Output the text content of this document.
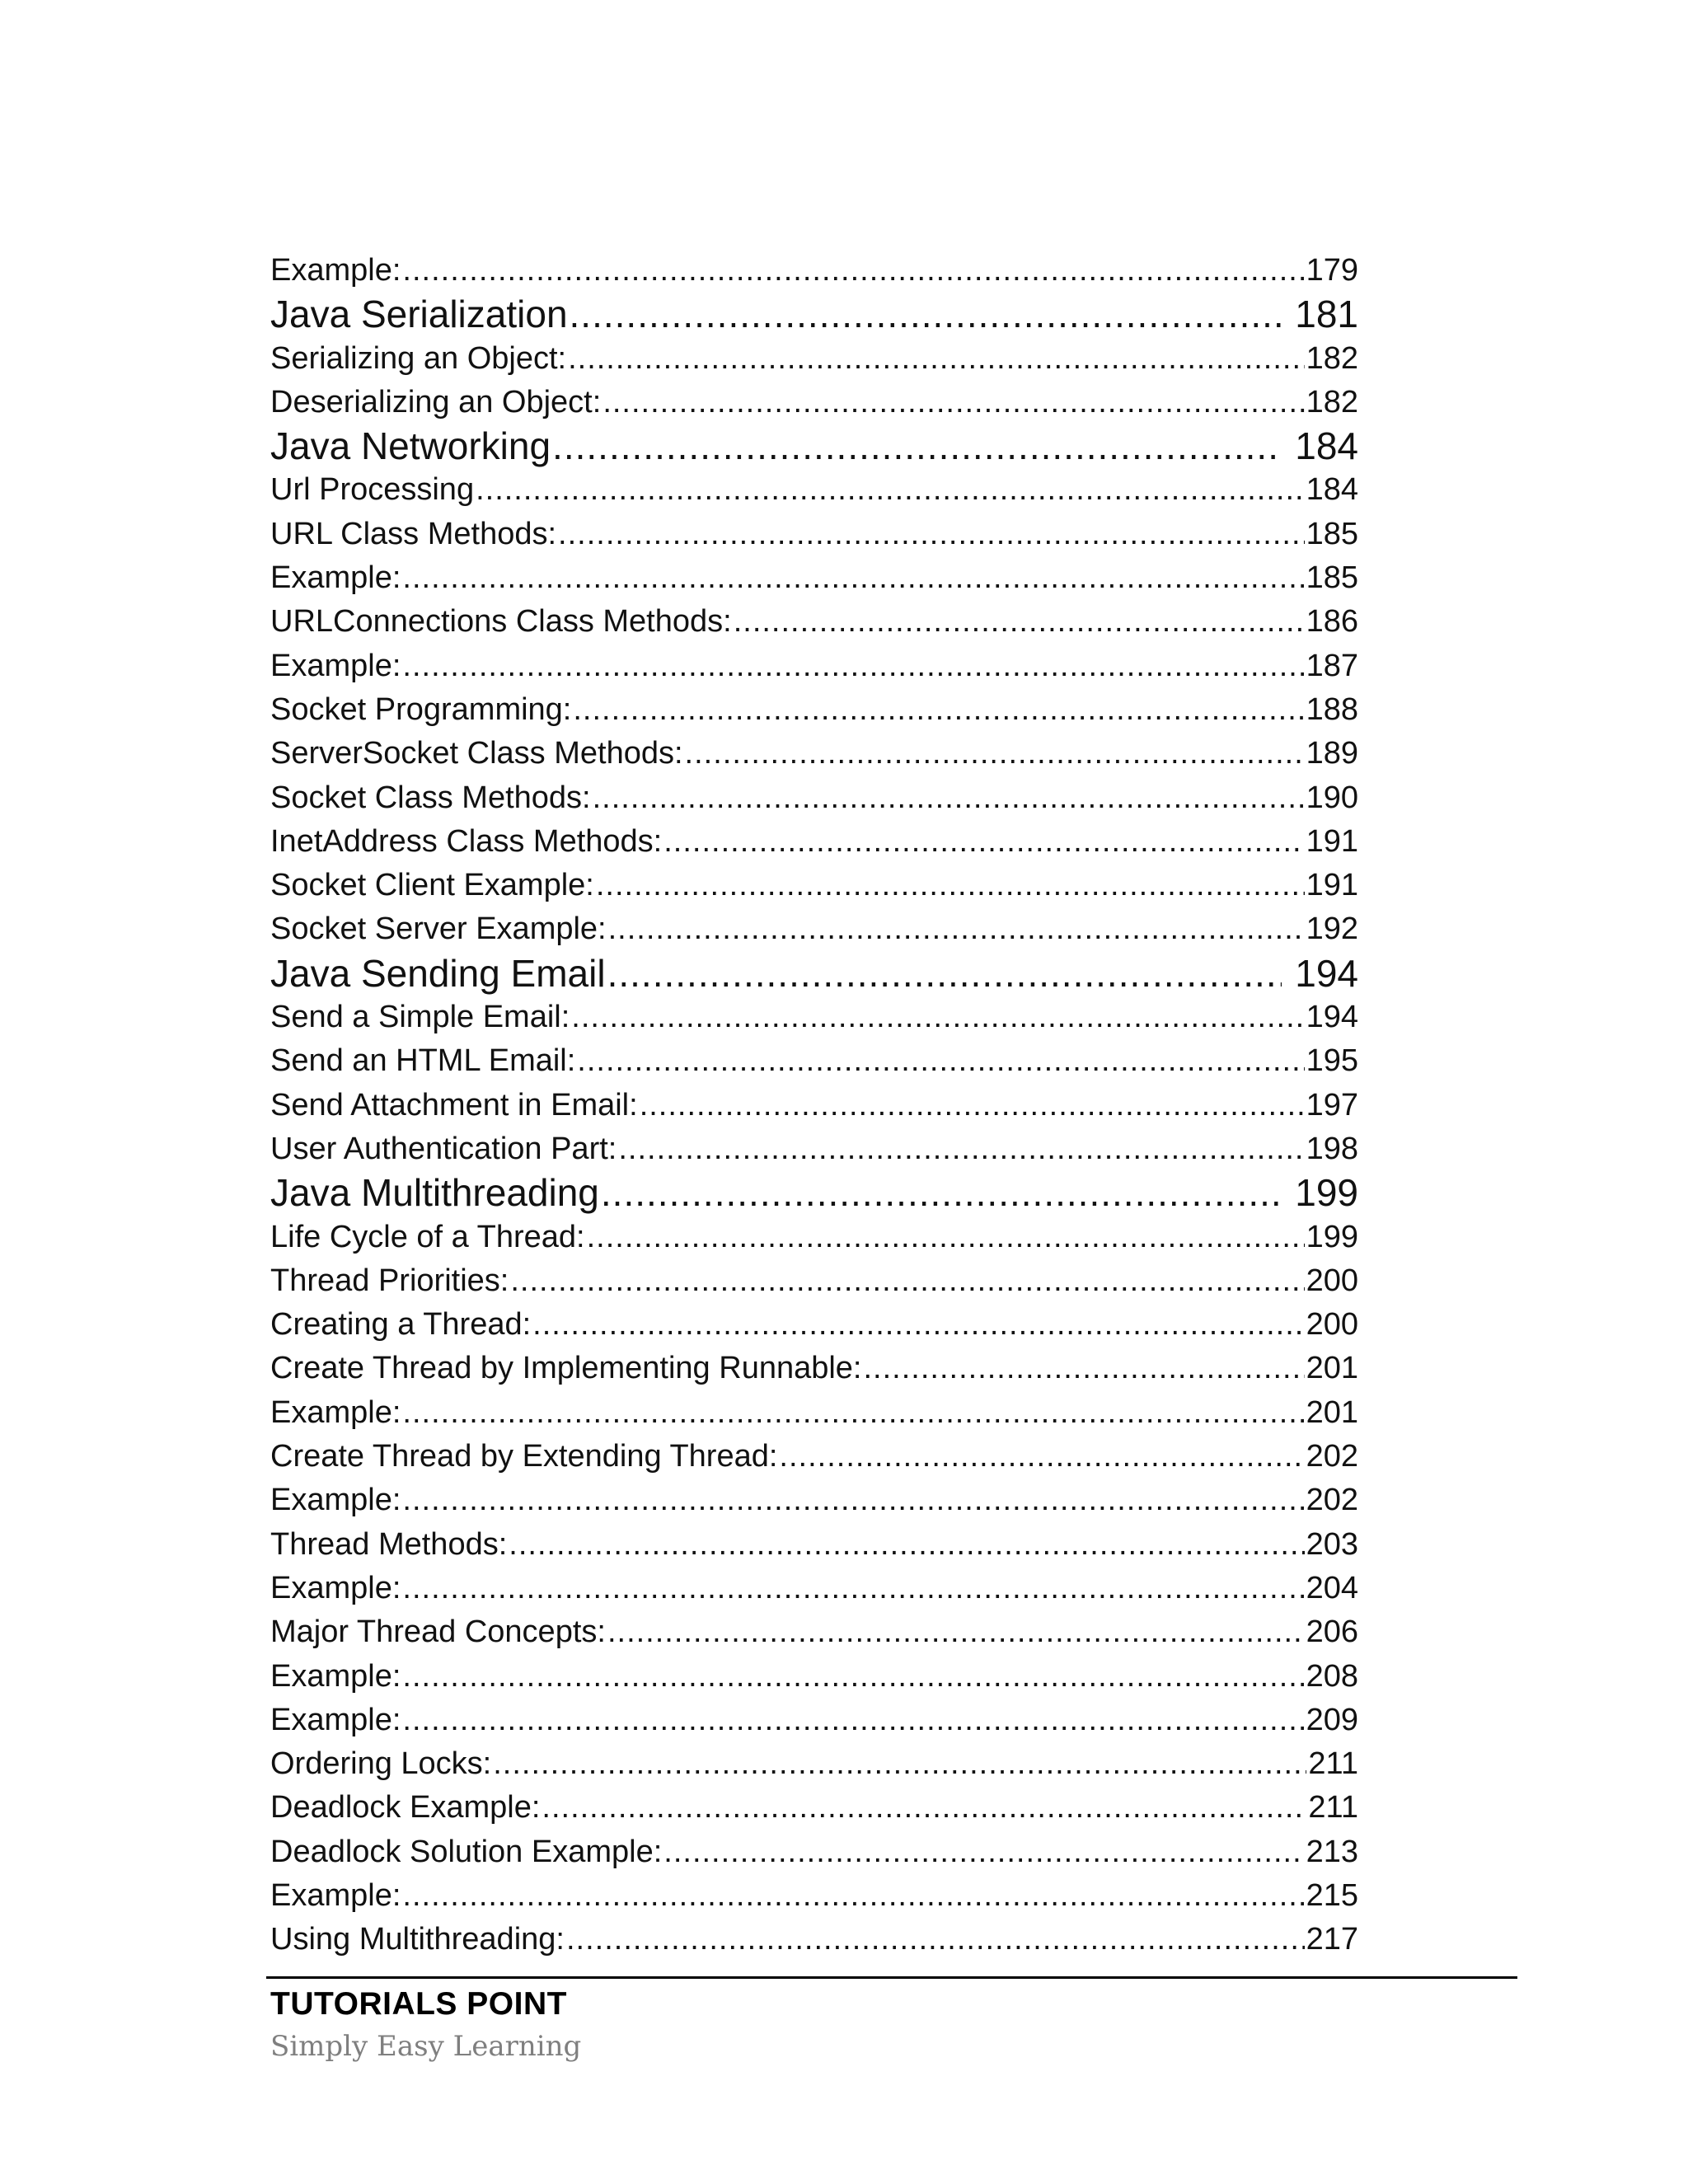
Example: .....	179
Java Serialization .....	181
Serializing an Object: .....	182
Deserializing an Object: .....	182
Java Networking .....	184
Url Processing .....	184
URL Class Methods: .....	185
Example: .....	185
URLConnections Class Methods: .....	186
Example: .....	187
Socket Programming: .....	188
ServerSocket Class Methods: .....	189
Socket Class Methods: .....	190
InetAddress Class Methods: .....	191
Socket Client Example: .....	191
Socket Server Example: .....	192
Java Sending Email .....	194
Send a Simple Email: .....	194
Send an HTML Email: .....	195
Send Attachment in Email: .....	197
User Authentication Part: .....	198
Java Multithreading .....	199
Life Cycle of a Thread: .....	199
Thread Priorities: .....	200
Creating a Thread: .....	200
Create Thread by Implementing Runnable: .....	201
Example: .....	201
Create Thread by Extending Thread: .....	202
Example: .....	202
Thread Methods: .....	203
Example: .....	204
Major Thread Concepts: .....	206
Example: .....	208
Example: .....	209
Ordering Locks: .....	211
Deadlock Example: .....	211
Deadlock Solution Example: .....	213
Example: .....	215
Using Multithreading: .....	217
TUTORIALS POINT
Simply Easy Learning
